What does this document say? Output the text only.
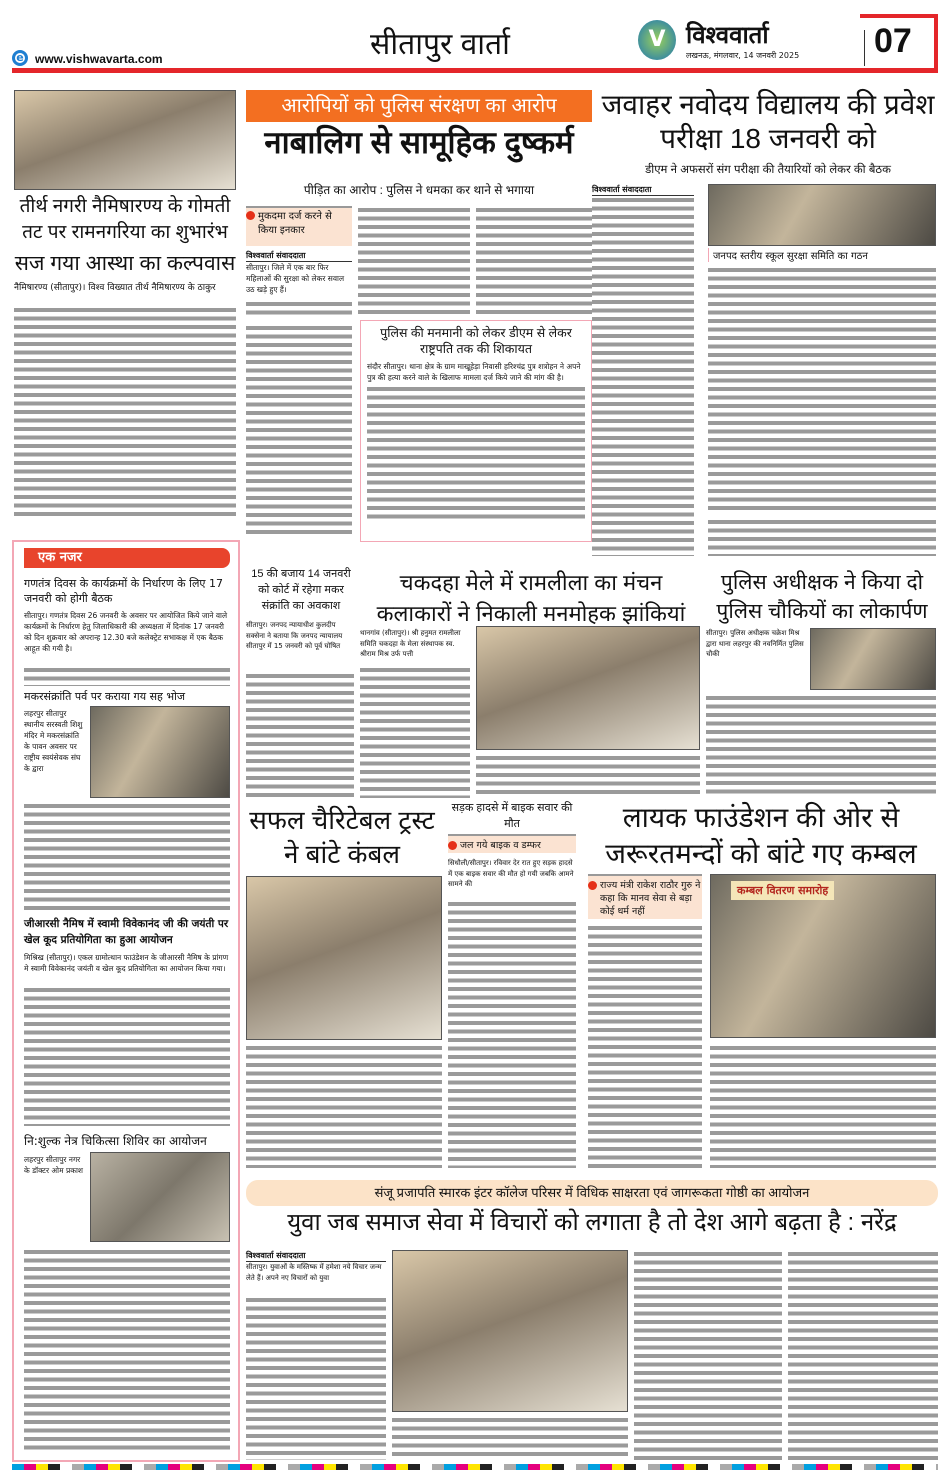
e www.vishwavarta.com	सीतापुर वार्ता	V विश्ववार्ता
लखनऊ, मंगलवार, 14 जनवरी 2025 07
तीर्थ नगरी नैमिषारण्य के गोमती तट पर रामनगरिया का शुभारंभ
सज गया आस्था का कल्पवास
नैमिषारण्य (सीतापुर)। विश्व विख्यात तीर्थ नैमिषारण्य के ठाकुर
एक नजर
गणतंत्र दिवस के कार्यक्रमों के निर्धारण के लिए 17 जनवरी को होगी बैठक
सीतापुर। गणतंत्र दिवस 26 जनवरी के अवसर पर आयोजित किये जाने वाले कार्यक्रमों के निर्धारण हेतु जिलाधिकारी की अध्यक्षता में दिनांक 17 जनवरी को दिन शुक्रवार को अपरान्ह 12.30 बजे कलेक्ट्रेट सभाकक्ष में एक बैठक आहूत की गयी है।
मकरसंक्रांति पर्व पर कराया गय सह भोज
लहरपुर सीतापुर स्थानीय सरस्वती शिशु मंदिर मे मकरसंक्रांति के पावन अवसर पर राष्ट्रीय स्वयंसेवक संघ के द्वारा
जीआरसी नैमिष में स्वामी विवेकानंद जी की जयंती पर खेल कूद प्रतियोगिता का हुआ आयोजन
मिश्रिख (सीतापुर)। एकल ग्रामोत्थान फाउंडेशन के जीआरसी नैमिष के प्रांगण मे स्वामी विवेकानंद जयंती व खेल कूद प्रतियोगिता का आयोजन किया गया।
नि:शुल्क नेत्र चिकित्सा शिविर का आयोजन
लहरपुर सीतापुर नगर के डॉक्टर ओम प्रकाश
आरोपियों को पुलिस संरक्षण का आरोप
नाबालिग से सामूहिक दुष्कर्म
पीड़ित का आरोप : पुलिस ने धमका कर थाने से भगाया
मुकदमा दर्ज करने से किया इनकार
विश्ववार्ता संवाददाता
सीतापुर। जिले में एक बार फिर महिलाओं की सुरक्षा को लेकर सवाल उठ खड़े हुए हैं।
पुलिस की मनमानी को लेकर डीएम से लेकर राष्ट्रपति तक की शिकायत
संदौर सीतापुर। थाना क्षेत्र के ग्राम माखूहेड़ा निवासी हरिश्चंद्र पुत्र शत्रोहन ने अपने पुत्र की हत्या करने वाले के खिलाफ मामला दर्ज किये जाने की मांग की है।
जवाहर नवोदय विद्यालय की प्रवेश परीक्षा 18 जनवरी को
डीएम ने अफसरों संग परीक्षा की तैयारियों को लेकर की बैठक
विश्ववार्ता संवाददाता
जनपद स्तरीय स्कूल सुरक्षा समिति का गठन
15 की बजाय 14 जनवरी को कोर्ट में रहेगा मकर संक्रांति का अवकाश
सीतापुर। जनपद न्यायाधीश कुलदीप सक्सेना ने बताया कि जनपद न्यायालय सीतापुर में 15 जनवरी को पूर्व घोषित
चकदहा मेले में रामलीला का मंचन कलाकारों ने निकाली मनमोहक झांकियां
थानगांव (सीतापुर)। श्री हनुमत रामलीला समिति चकदहा के मेला संस्थापक स्व. श्रीराम मिश्र उर्फ पत्ती
पुलिस अधीक्षक ने किया दो पुलिस चौकियों का लोकार्पण
सीतापुर। पुलिस अधीक्षक चक्रेश मिश्र द्वारा थाना लहरपुर की नवनिर्मित पुलिस चौकी
सफल चैरिटेबल ट्रस्ट ने बांटे कंबल
सड़क हादसे में बाइक सवार की मौत
जल गये बाइक व डम्फर
सिधौली/सीतापुर। रविवार देर रात हुए सड़क हादसे में एक बाइक सवार की मौत हो गयी जबकि आमने सामने की
लायक फाउंडेशन की ओर से जरूरतमन्दों को बांटे गए कम्बल
राज्य मंत्री राकेश राठौर गुरु ने कहा कि मानव सेवा से बड़ा कोई धर्म नहीं
कम्बल वितरण समारोह
संजू प्रजापति स्मारक इंटर कॉलेज परिसर में विधिक साक्षरता एवं जागरूकता गोष्ठी का आयोजन
युवा जब समाज सेवा में विचारों को लगाता है तो देश आगे बढ़ता है : नरेंद्र
विश्ववार्ता संवाददाता
सीतापुर। युवाओं के मस्तिष्क में हमेशा नये विचार जन्म लेते हैं। अपने नए विचारों को युवा
